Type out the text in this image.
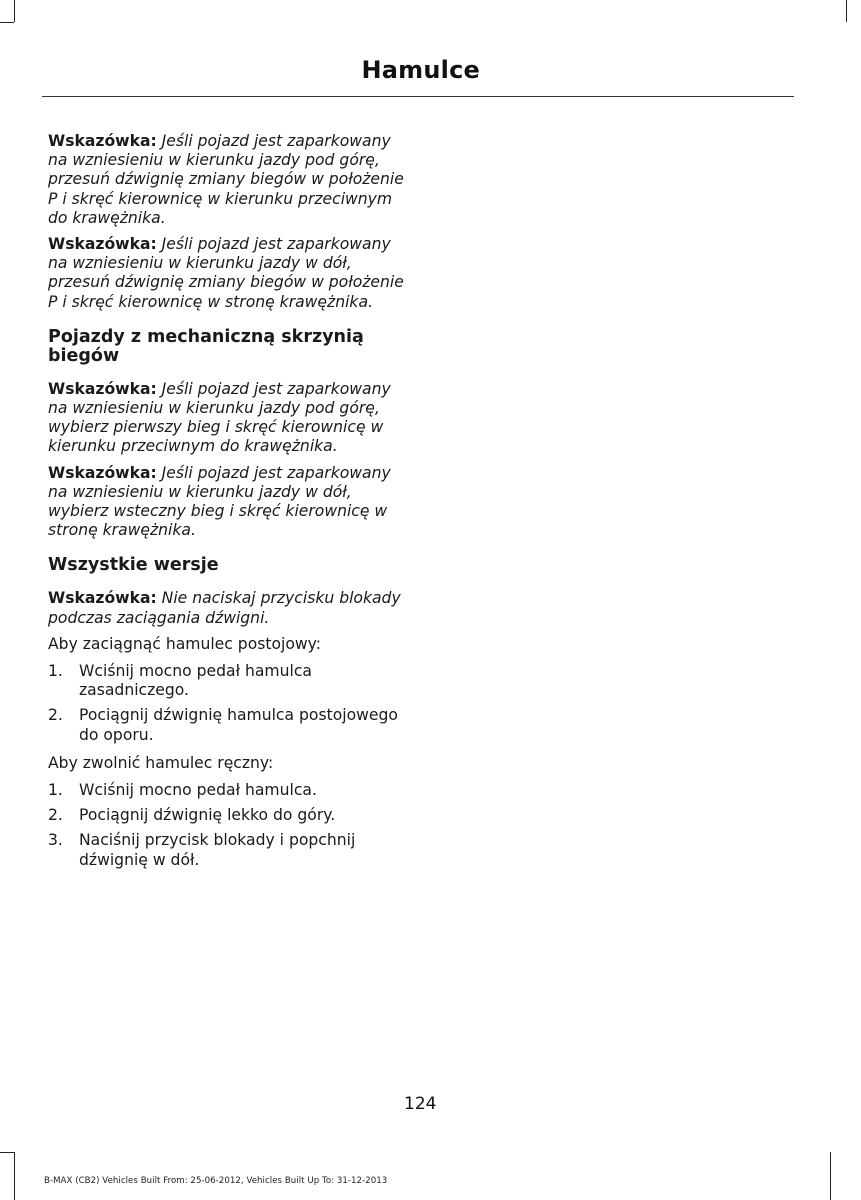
Hamulce

Wskazówka: Jeśli pojazd jest zaparkowany na wzniesieniu w kierunku jazdy pod górę, przesuń dźwignię zmiany biegów w położenie P i skręć kierownicę w kierunku przeciwnym do krawężnika.

Wskazówka: Jeśli pojazd jest zaparkowany na wzniesieniu w kierunku jazdy w dół, przesuń dźwignię zmiany biegów w położenie P i skręć kierownicę w stronę krawężnika.

Pojazdy z mechaniczną skrzynią biegów

Wskazówka: Jeśli pojazd jest zaparkowany na wzniesieniu w kierunku jazdy pod górę, wybierz pierwszy bieg i skręć kierownicę w kierunku przeciwnym do krawężnika.

Wskazówka: Jeśli pojazd jest zaparkowany na wzniesieniu w kierunku jazdy w dół, wybierz wsteczny bieg i skręć kierownicę w stronę krawężnika.

Wszystkie wersje

Wskazówka: Nie naciskaj przycisku blokady podczas zaciągania dźwigni.

Aby zaciągnąć hamulec postojowy:

1.	Wciśnij mocno pedał hamulca zasadniczego.
2.	Pociągnij dźwignię hamulca postojowego do oporu.

Aby zwolnić hamulec ręczny:

1.	Wciśnij mocno pedał hamulca.
2.	Pociągnij dźwignię lekko do góry.
3.	Naciśnij przycisk blokady i popchnij dźwignię w dół.
124
B-MAX (CB2) Vehicles Built From: 25-06-2012, Vehicles Built Up To: 31-12-2013
